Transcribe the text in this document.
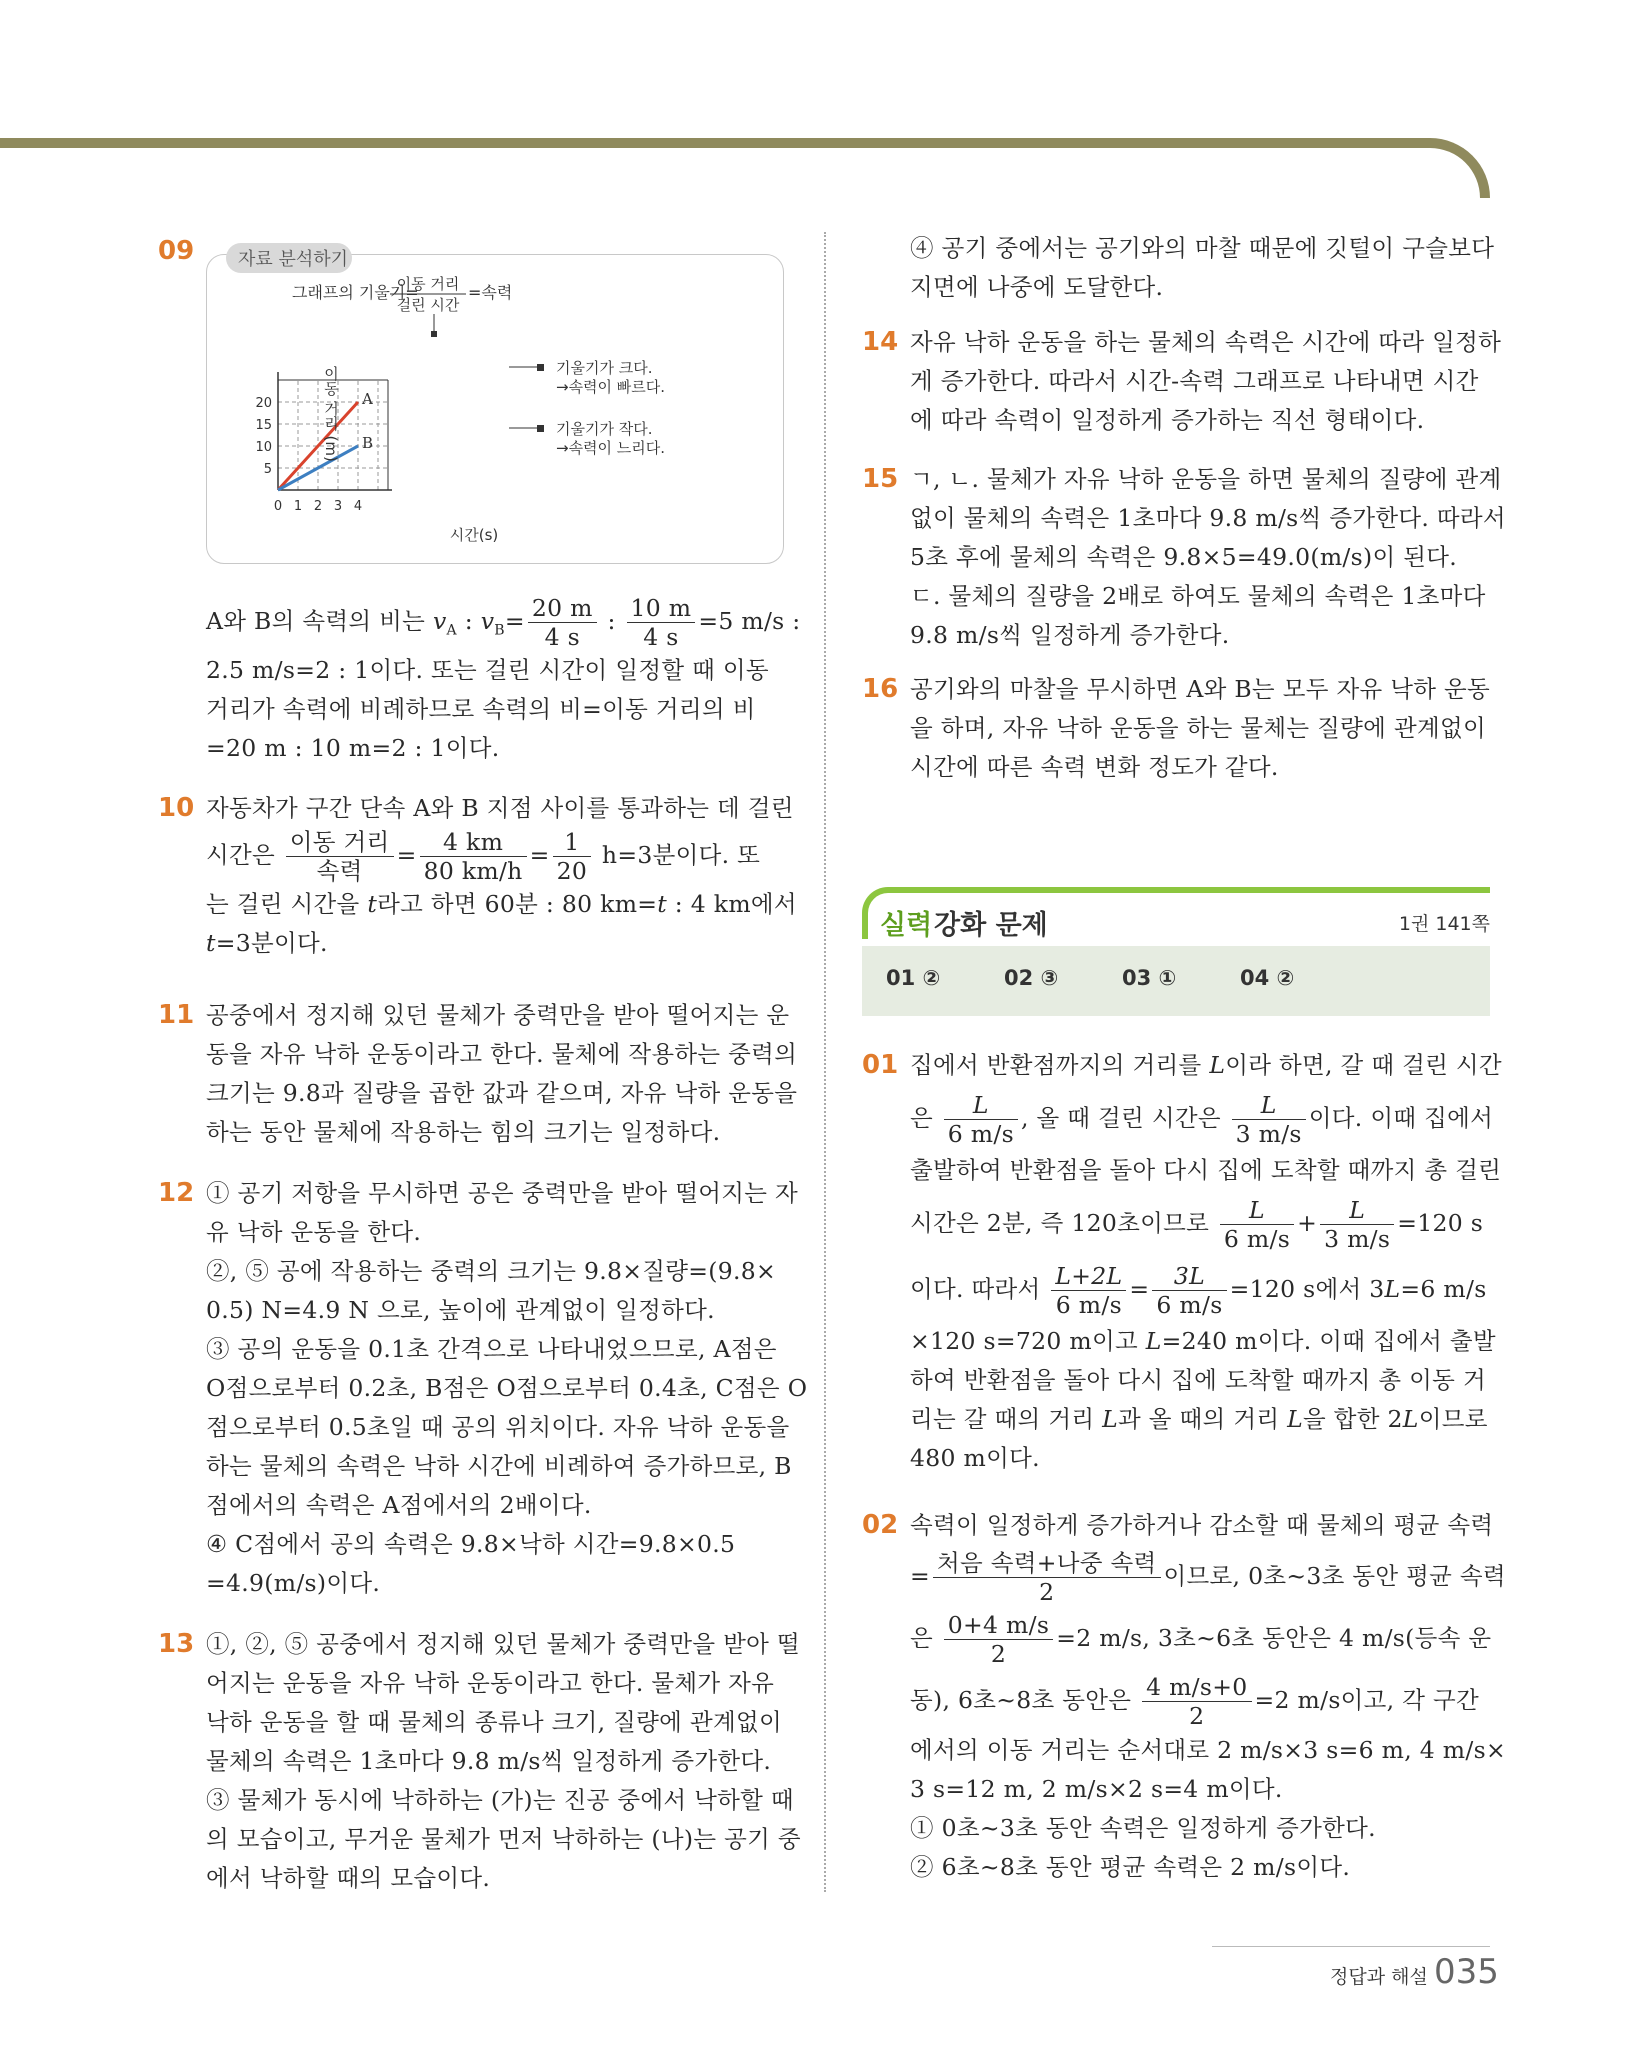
09 자료 분석하기
그래프의 기울기=
이동 거리
걸린 시간
=속력
5
10
15
20
0 1 2 3 4
A
B
이동 거리 (m)
시간(s)
기울기가 크다.
→속력이 빠르다.
기울기가 작다.
→속력이 느리다.
A와 B의 속력의 비는 $v_A$ : $v_B= \frac{20 m}{4 s}$ : $\frac{10 m}{4 s} =5$ m/s :
2.5 m/s=2 : 1이다. 또는 걸린 시간이 일정할 때 이동
거리가 속력에 비례하므로 속력의 비=이동 거리의 비
=20 m : 10 m=2 : 1이다.
10 자동차가 구간 단속 A와 B 지점 사이를 통과하는 데 걸린
시간은 $\frac{\text{이동 거리}}{\text{속력}} = \frac{4 km}{80 km/h} = \frac{1}{20} h=3$분이다. 또
는 걸린 시간을 t라고 하면 60분 : 80 km=t : 4 km에서
t=3분이다.
11 공중에서 정지해 있던 물체가 중력만을 받아 떨어지는 운
동을 자유 낙하 운동이라고 한다. 물체에 작용하는 중력의
크기는 9.8과 질량을 곱한 값과 같으며, 자유 낙하 운동을
하는 동안 물체에 작용하는 힘의 크기는 일정하다.
12 ① 공기 저항을 무시하면 공은 중력만을 받아 떨어지는 자
유 낙하 운동을 한다.
②, ⑤ 공에 작용하는 중력의 크기는 9.8×질량=(9.8×
0.5) N=4.9 N 으로, 높이에 관계없이 일정하다.
③ 공의 운동을 0.1초 간격으로 나타내었으므로, A점은
O점으로부터 0.2초, B점은 O점으로부터 0.4초, C점은 O
점으로부터 0.5초일 때 공의 위치이다. 자유 낙하 운동을
하는 물체의 속력은 낙하 시간에 비례하여 증가하므로, B
점에서의 속력은 A점에서의 2배이다.
④ C점에서 공의 속력은 9.8×낙하 시간=9.8×0.5
=4.9(m/s)이다.
13 ①, ②, ⑤ 공중에서 정지해 있던 물체가 중력만을 받아 떨
어지는 운동을 자유 낙하 운동이라고 한다. 물체가 자유
낙하 운동을 할 때 물체의 종류나 크기, 질량에 관계없이
물체의 속력은 1초마다 9.8 m/s씩 일정하게 증가한다.
③ 물체가 동시에 낙하하는 (가)는 진공 중에서 낙하할 때
의 모습이고, 무거운 물체가 먼저 낙하하는 (나)는 공기 중
에서 낙하할 때의 모습이다.
④ 공기 중에서는 공기와의 마찰 때문에 깃털이 구슬보다
지면에 나중에 도달한다.
14 자유 낙하 운동을 하는 물체의 속력은 시간에 따라 일정하
게 증가한다. 따라서 시간-속력 그래프로 나타내면 시간
에 따라 속력이 일정하게 증가하는 직선 형태이다.
15 ㄱ, ㄴ. 물체가 자유 낙하 운동을 하면 물체의 질량에 관계
없이 물체의 속력은 1초마다 9.8 m/s씩 증가한다. 따라서
5초 후에 물체의 속력은 9.8×5=49.0(m/s)이 된다.
ㄷ. 물체의 질량을 2배로 하여도 물체의 속력은 1초마다
9.8 m/s씩 일정하게 증가한다.
16 공기와의 마찰을 무시하면 A와 B는 모두 자유 낙하 운동
을 하며, 자유 낙하 운동을 하는 물체는 질량에 관계없이
시간에 따른 속력 변화 정도가 같다.
실력 강화 문제	1권 141쪽
01 ②	02 ③	03 ①	04 ②
01 집에서 반환점까지의 거리를 L이라 하면, 갈 때 걸린 시간
은 $\frac{L}{6 m/s}$ , 올 때 걸린 시간은 $\frac{L}{3 m/s}$ 이다. 이때 집에서
출발하여 반환점을 돌아 다시 집에 도착할 때까지 총 걸린
시간은 2분, 즉 120초이므로 $\frac{L}{6 m/s} + \frac{L}{3 m/s} =120$ s
이다. 따라서 $\frac{L+2L}{6 m/s} = \frac{3L}{6 m/s} =120$ s에서 3L=6 m/s
×120 s=720 m이고 L=240 m이다. 이때 집에서 출발
하여 반환점을 돌아 다시 집에 도착할 때까지 총 이동 거
리는 갈 때의 거리 L과 올 때의 거리 L을 합한 2L이므로
480 m이다.
02 속력이 일정하게 증가하거나 감소할 때 물체의 평균 속력
= $\frac{\text{처음 속력+나중 속력}}{2}$ 이므로, 0초~3초 동안 평균 속력
은 $\frac{0+4 m/s}{2} =2$ m/s, 3초~6초 동안은 4 m/s(등속 운
동), 6초~8초 동안은 $\frac{4 m/s+0}{2} =2$ m/s이고, 각 구간
에서의 이동 거리는 순서대로 2 m/s×3 s=6 m, 4 m/s×
3 s=12 m, 2 m/s×2 s=4 m이다.
① 0초~3초 동안 속력은 일정하게 증가한다.
② 6초~8초 동안 평균 속력은 2 m/s이다.
정답과 해설 035
